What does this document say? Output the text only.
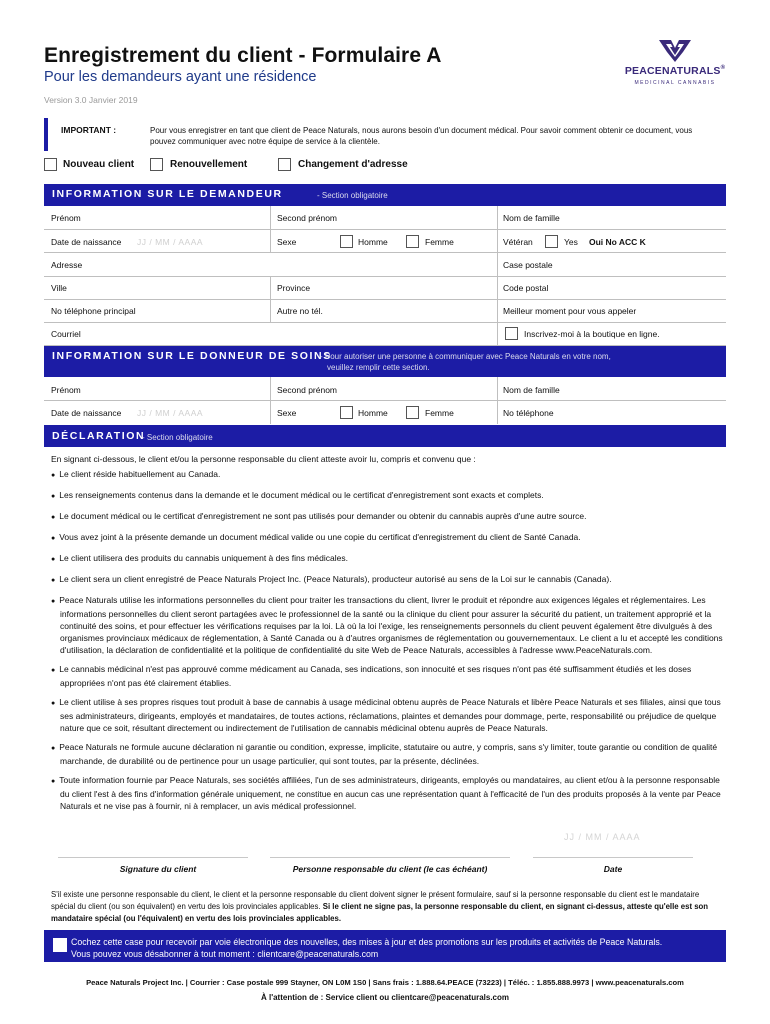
Enregistrement du client - Formulaire A
Pour les demandeurs ayant une résidence
Version 3.0 Janvier 2019
PEACENATURALS®
MEDICINAL CANNABIS
IMPORTANT :	Pour vous enregistrer en tant que client de Peace Naturals, nous aurons besoin d'un document médical. Pour savoir comment obtenir ce document, vous pouvez communiquer avec notre équipe de service à la clientèle.
Nouveau client	Renouvellement	Changement d'adresse
INFORMATION SUR LE DEMANDEUR	- Section obligatoire
Prénom	Second prénom	Nom de famille
Date de naissance JJ / MM / AAAA	Sexe	Homme	Femme	Vétéran	Yes Oui No ACC K
Adresse	Case postale
Ville	Province	Code postal
No téléphone principal	Autre no tél.	Meilleur moment pour vous appeler
Courriel	Inscrivez-moi à la boutique en ligne.
INFORMATION SUR LE DONNEUR DE SOINS
- Pour autoriser une personne à communiquer avec Peace Naturals en votre nom,
veuillez remplir cette section.
Prénom	Second prénom	Nom de famille
Date de naissance JJ / MM / AAAA	Sexe	Homme	Femme	No téléphone
DÉCLARATION
- Section obligatoire
En signant ci-dessous, le client et/ou la personne responsable du client atteste avoir lu, compris et convenu que :
● Le client réside habituellement au Canada.
● Les renseignements contenus dans la demande et le document médical ou le certificat d'enregistrement sont exacts et complets.
● Le document médical ou le certificat d'enregistrement ne sont pas utilisés pour demander ou obtenir du cannabis auprès d'une autre source.
● Vous avez joint à la présente demande un document médical valide ou une copie du certificat d'enregistrement du client de Santé Canada.
● Le client utilisera des produits du cannabis uniquement à des fins médicales.
● Le client sera un client enregistré de Peace Naturals Project Inc. (Peace Naturals), producteur autorisé au sens de la Loi sur le cannabis (Canada).
● Peace Naturals utilise les informations personnelles du client pour traiter les transactions du client, livrer le produit et répondre aux exigences légales et réglementaires. Les informations personnelles du client seront partagées avec le professionnel de la santé ou la clinique du client pour assurer la sécurité du patient, un traitement approprié et la continuité des soins, et pour effectuer les vérifications requises par la loi. Là où la loi l'exige, les renseignements personnels du client peuvent également être divulgués à des organismes provinciaux médicaux de réglementation, à Santé Canada ou à d'autres organismes de réglementation ou gouvernementaux. Le client a lu et accepté les conditions d'utilisation, la déclaration de confidentialité et la politique de confidentialité du site Web de Peace Naturals, accessibles à l'adresse www.PeaceNaturals.com.
● Le cannabis médicinal n'est pas approuvé comme médicament au Canada, ses indications, son innocuité et ses risques n'ont pas été suffisamment étudiés et les doses appropriées n'ont pas été clairement établies.
● Le client utilise à ses propres risques tout produit à base de cannabis à usage médicinal obtenu auprès de Peace Naturals et libère Peace Naturals et ses filiales, ainsi que tous ses administrateurs, dirigeants, employés et mandataires, de toutes actions, réclamations, plaintes et demandes pour dommage, perte, responsabilité ou préjudice de quelque nature que ce soit, résultant directement ou indirectement de l'utilisation de cannabis médicinal obtenu auprès de Peace Naturals.
● Peace Naturals ne formule aucune déclaration ni garantie ou condition, expresse, implicite, statutaire ou autre, y compris, sans s'y limiter, toute garantie ou condition de qualité marchande, de durabilité ou de pertinence pour un usage particulier, qui sont toutes, par la présente, déclinées.
● Toute information fournie par Peace Naturals, ses sociétés affiliées, l'un de ses administrateurs, dirigeants, employés ou mandataires, au client et/ou à la personne responsable du client l'est à des fins d'information générale uniquement, ne constitue en aucun cas une représentation quant à l'efficacité de l'un des produits proposés à la vente par Peace Naturals et ne vise pas à fournir, ni à remplacer, un avis médical professionnel.
JJ / MM / AAAA
Signature du client	Personne responsable du client (le cas échéant)	Date
S'il existe une personne responsable du client, le client et la personne responsable du client doivent signer le présent formulaire, sauf si la personne responsable du client est le mandataire spécial du client (ou son équivalent) en vertu des lois provinciales applicables. Si le client ne signe pas, la personne responsable du client, en signant ci-dessus, atteste qu'elle est son mandataire spécial (ou l'équivalent) en vertu des lois provinciales applicables.
Cochez cette case pour recevoir par voie électronique des nouvelles, des mises à jour et des promotions sur les produits et activités de Peace Naturals.
Vous pouvez vous désabonner à tout moment : clientcare@peacenaturals.com
Peace Naturals Project Inc. | Courrier : Case postale 999 Stayner, ON L0M 1S0 | Sans frais : 1.888.64.PEACE (73223) | Téléc. : 1.855.888.9973 | www.peacenaturals.com
À l'attention de : Service client ou clientcare@peacenaturals.com
